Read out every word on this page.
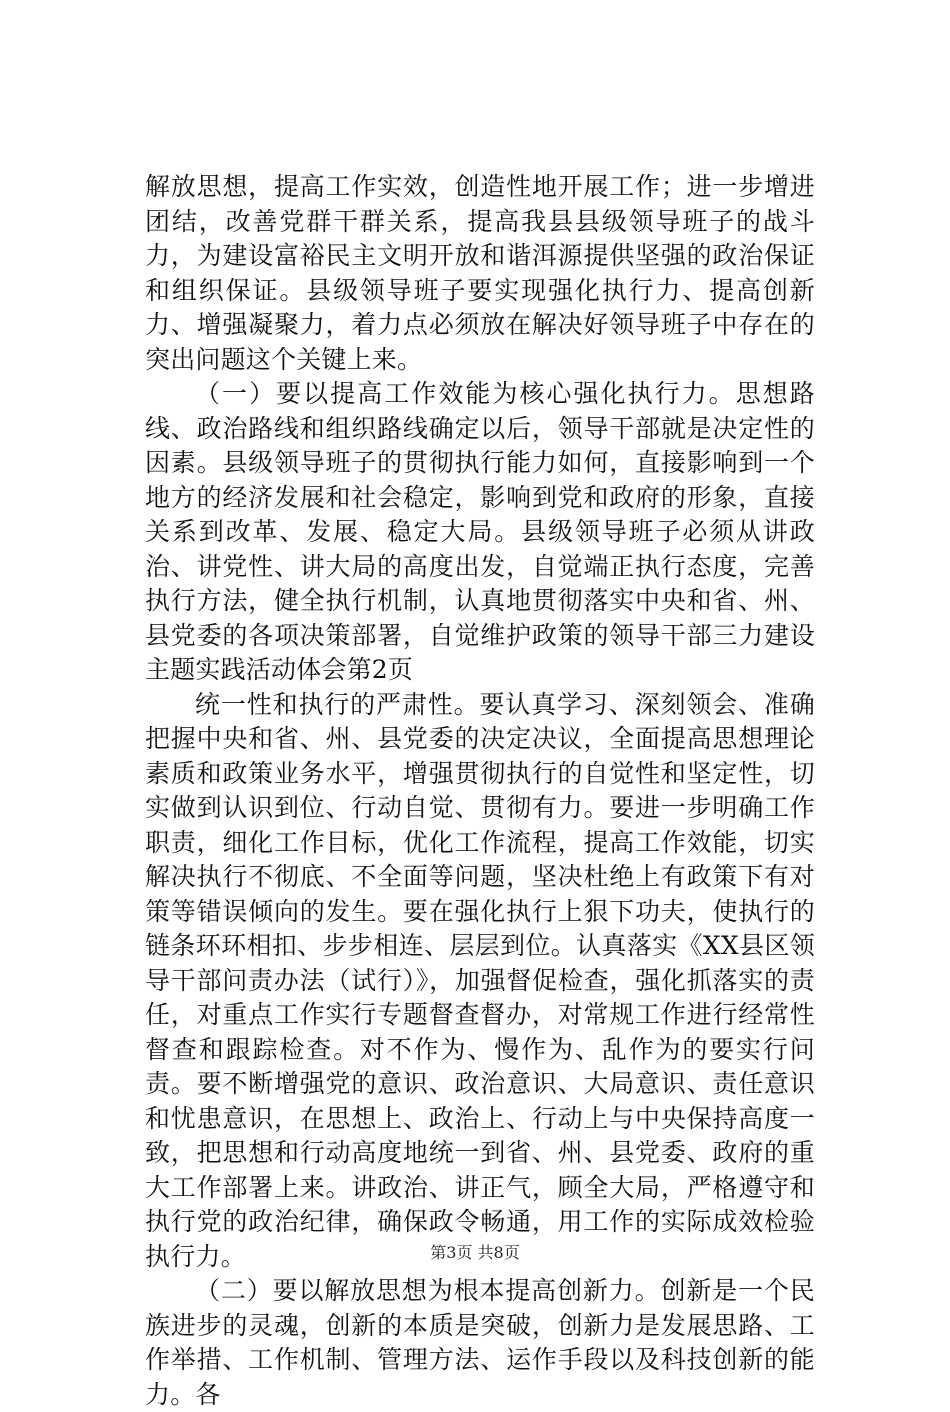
解放思想，提高工作实效，创造性地开展工作；进一步增进团结，改善党群干群关系，提高我县县级领导班子的战斗力，为建设富裕民主文明开放和谐洱源提供坚强的政治保证和组织保证。县级领导班子要实现强化执行力、提高创新力、增强凝聚力，着力点必须放在解决好领导班子中存在的突出问题这个关键上来。

（一）要以提高工作效能为核心强化执行力。思想路线、政治路线和组织路线确定以后，领导干部就是决定性的因素。县级领导班子的贯彻执行能力如何，直接影响到一个地方的经济发展和社会稳定，影响到党和政府的形象，直接关系到改革、发展、稳定大局。县级领导班子必须从讲政治、讲党性、讲大局的高度出发，自觉端正执行态度，完善执行方法，健全执行机制，认真地贯彻落实中央和省、州、县党委的各项决策部署，自觉维护政策的领导干部三力建设主题实践活动体会第2页

统一性和执行的严肃性。要认真学习、深刻领会、准确把握中央和省、州、县党委的决定决议，全面提高思想理论素质和政策业务水平，增强贯彻执行的自觉性和坚定性，切实做到认识到位、行动自觉、贯彻有力。要进一步明确工作职责，细化工作目标，优化工作流程，提高工作效能，切实解决执行不彻底、不全面等问题，坚决杜绝上有政策下有对策等错误倾向的发生。要在强化执行上狠下功夫，使执行的链条环环相扣、步步相连、层层到位。认真落实《XX县区领导干部问责办法（试行）》，加强督促检查，强化抓落实的责任，对重点工作实行专题督查督办，对常规工作进行经常性督查和跟踪检查。对不作为、慢作为、乱作为的要实行问责。要不断增强党的意识、政治意识、大局意识、责任意识和忧患意识，在思想上、政治上、行动上与中央保持高度一致，把思想和行动高度地统一到省、州、县党委、政府的重大工作部署上来。讲政治、讲正气，顾全大局，严格遵守和执行党的政治纪律，确保政令畅通，用工作的实际成效检验执行力。

（二）要以解放思想为根本提高创新力。创新是一个民族进步的灵魂，创新的本质是突破，创新力是发展思路、工作举措、工作机制、管理方法、运作手段以及科技创新的能力。各

第3页 共8页
